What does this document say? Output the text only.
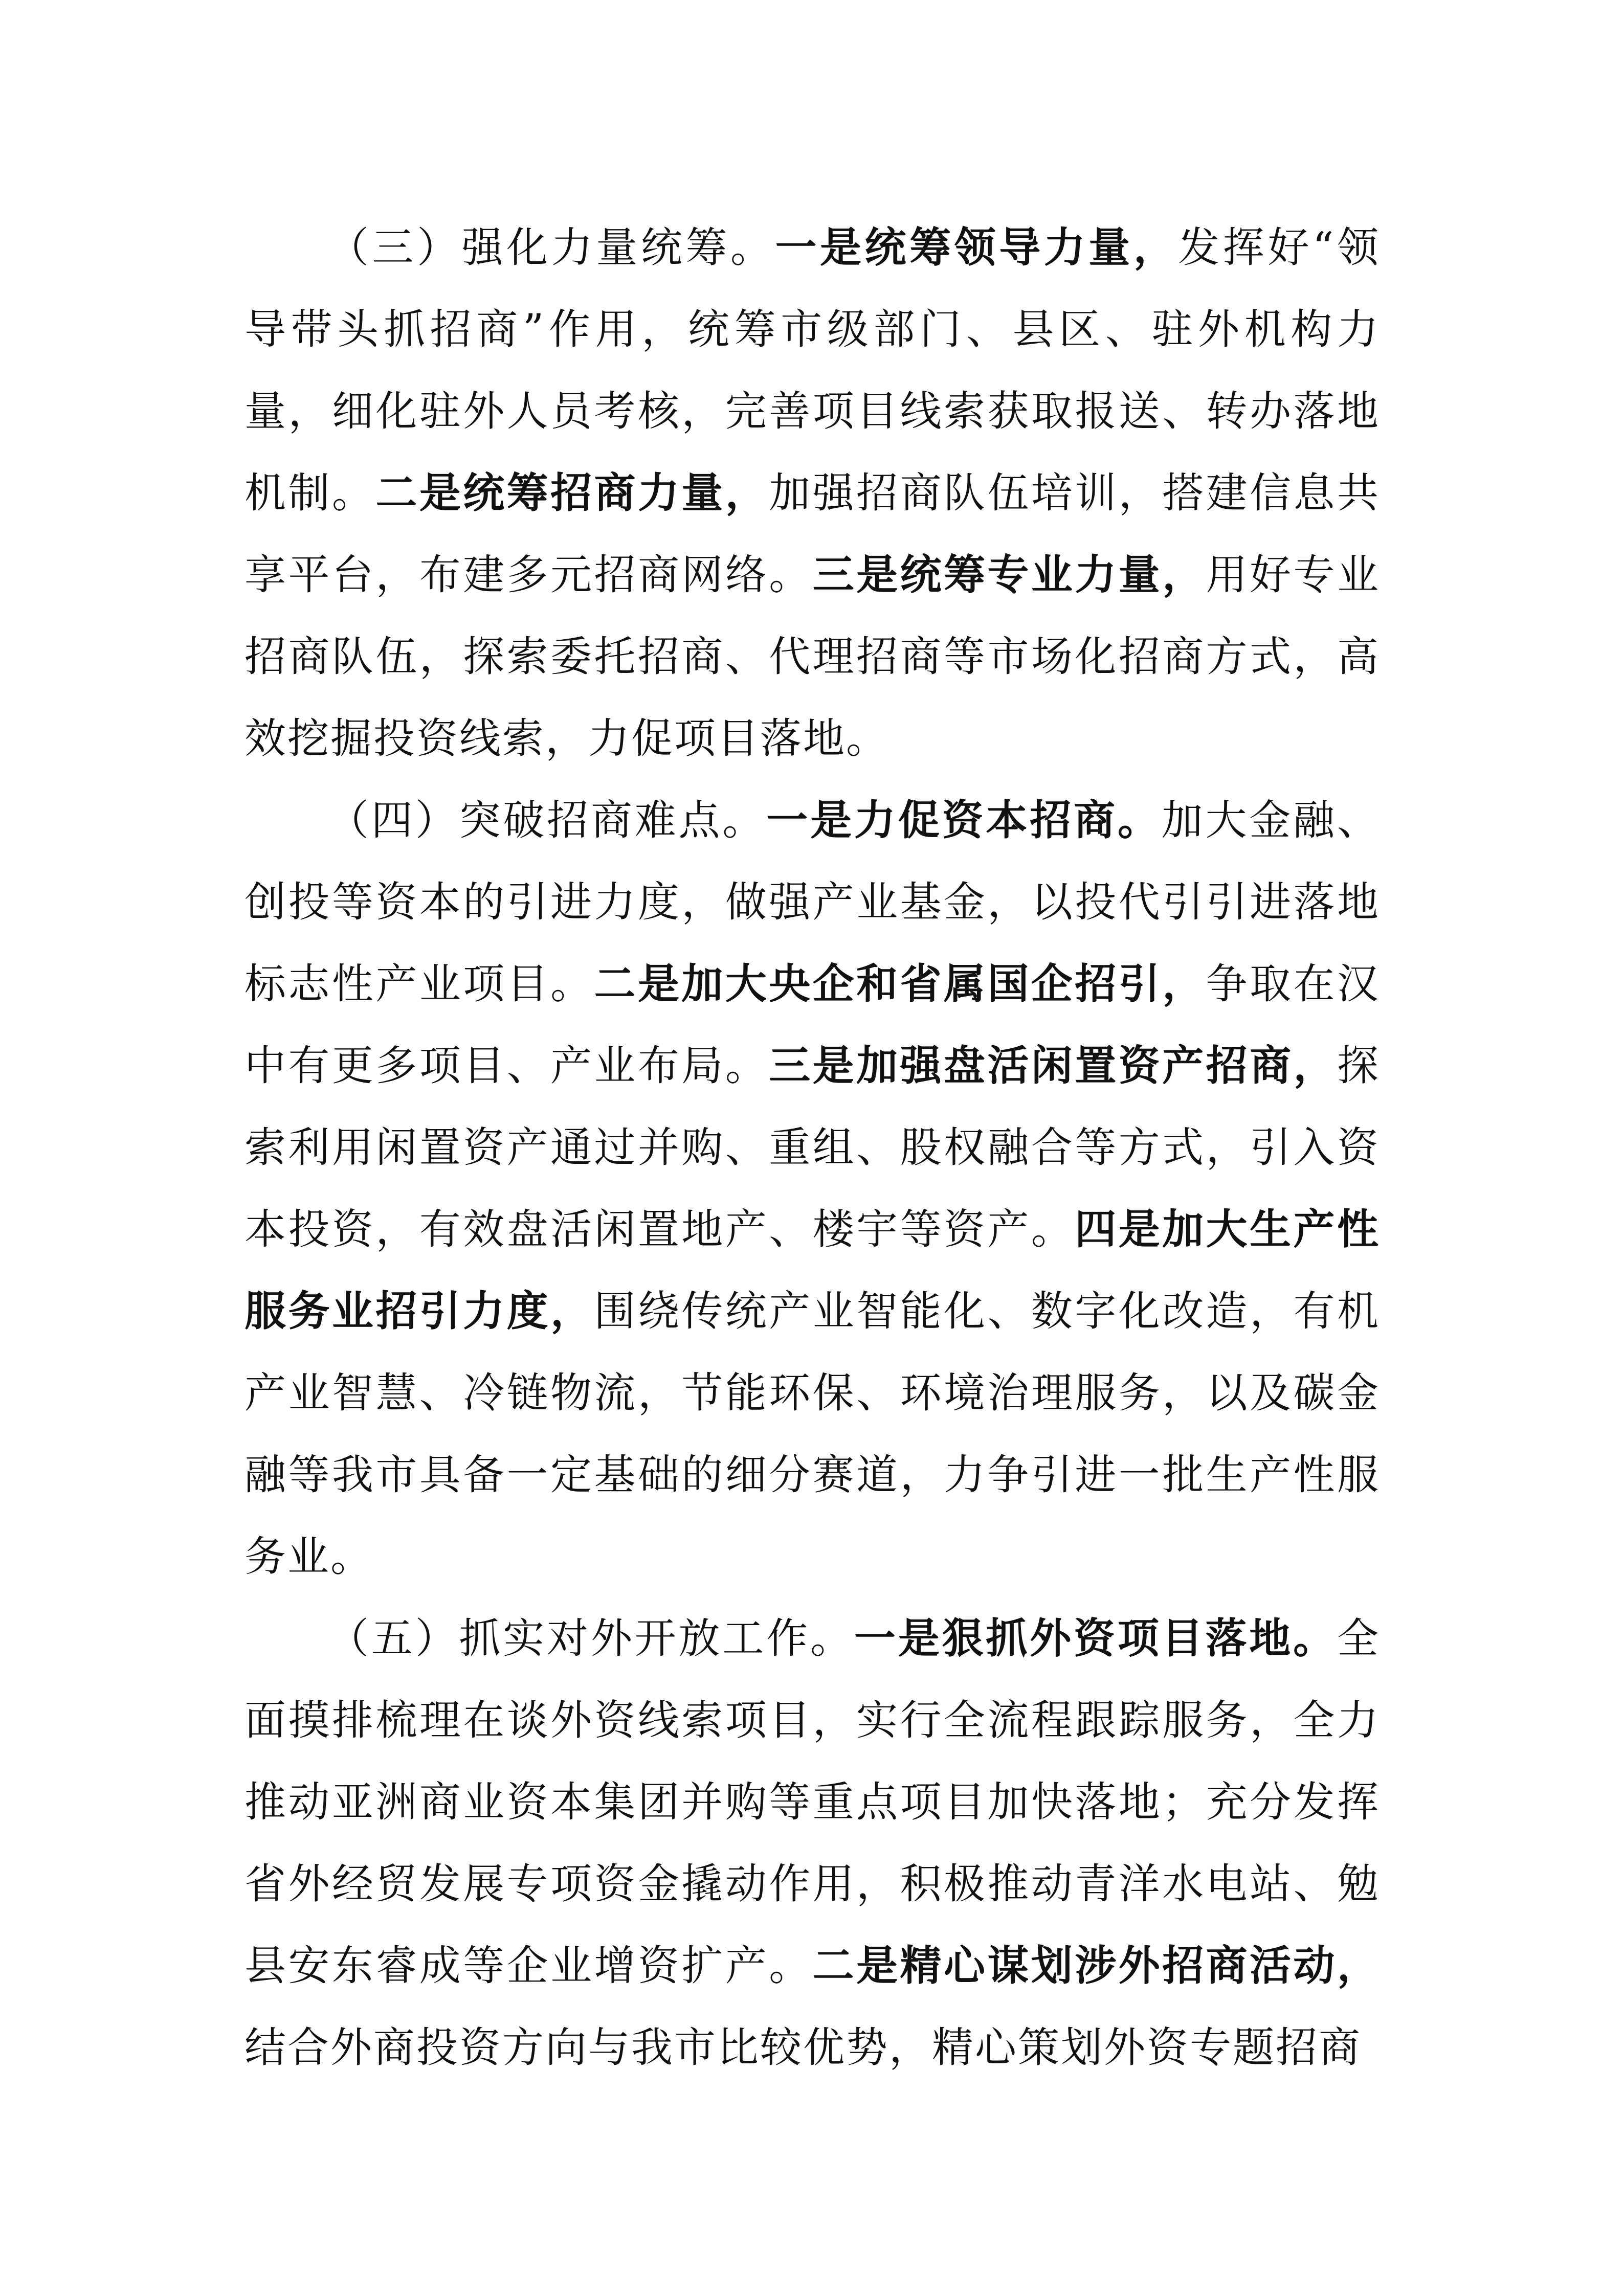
（三）强化力量统筹。一是统筹领导力量，发挥好“领导带头抓招商”作用，统筹市级部门、县区、驻外机构力量，细化驻外人员考核，完善项目线索获取报送、转办落地机制。二是统筹招商力量，加强招商队伍培训，搭建信息共享平台，布建多元招商网络。三是统筹专业力量，用好专业招商队伍，探索委托招商、代理招商等市场化招商方式，高效挖掘投资线索，力促项目落地。

（四）突破招商难点。一是力促资本招商。加大金融、创投等资本的引进力度，做强产业基金，以投代引引进落地标志性产业项目。二是加大央企和省属国企招引，争取在汉中有更多项目、产业布局。三是加强盘活闲置资产招商，探索利用闲置资产通过并购、重组、股权融合等方式，引入资本投资，有效盘活闲置地产、楼宇等资产。四是加大生产性服务业招引力度，围绕传统产业智能化、数字化改造，有机产业智慧、冷链物流，节能环保、环境治理服务，以及碳金融等我市具备一定基础的细分赛道，力争引进一批生产性服务业。

（五）抓实对外开放工作。一是狠抓外资项目落地。全面摸排梳理在谈外资线索项目，实行全流程跟踪服务，全力推动亚洲商业资本集团并购等重点项目加快落地；充分发挥省外经贸发展专项资金撬动作用，积极推动青洋水电站、勉县安东睿成等企业增资扩产。二是精心谋划涉外招商活动，结合外商投资方向与我市比较优势，精心策划外资专题招商
